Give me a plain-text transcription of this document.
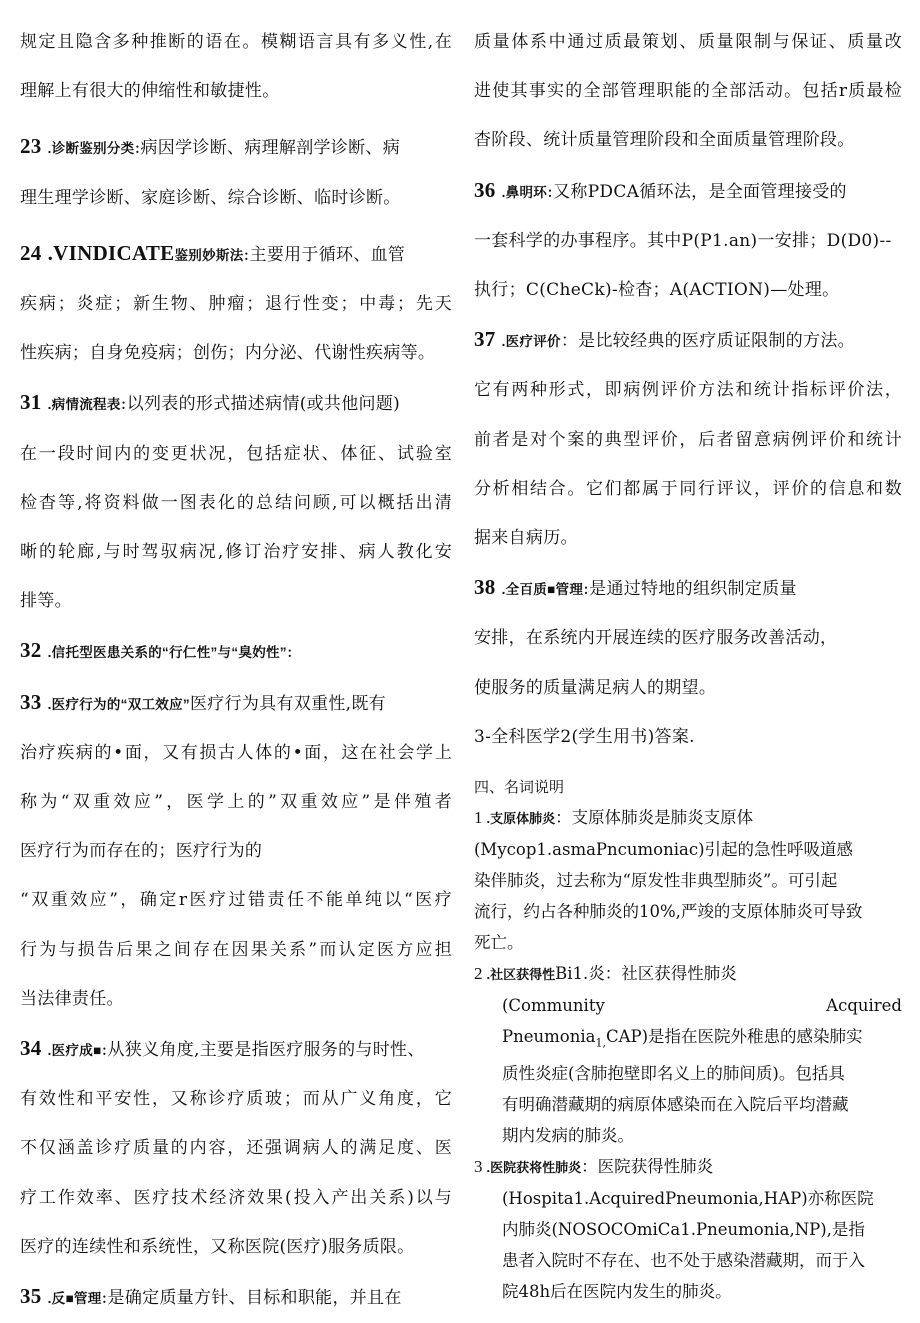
规定且隐含多种推断的语在。模糊语言具有多义性,在
理解上有很大的伸缩性和敏捷性。
23 .诊断鉴别分类:病因学诊断、病理解剖学诊断、病
理生理学诊断、家庭诊断、综合诊断、临时诊断。
24 .VINDICATE鉴别妙斯法:主要用于循环、血管
疾病；炎症；新生物、肿瘤；退行性变；中毒；先天
性疾病；自身免疫病；创伤；内分泌、代谢性疾病等。
31 .病情流程表:以列表的形式描述病情(或共他问题)
在一段时间内的变更状况，包括症状、体征、试验室
检杳等,将资料做一图表化的总结问顾,可以概括出清
晰的轮廊,与时驾驭病况,修订治疗安排、病人教化安
排等。
32 .信托型医患关系的“行仁性”与“臭妁性”:
33 .医疗行为的“双工效应”医疗行为具有双重性,既有
治疗疾病的•面，又有损古人体的•面，这在社会学上
称为“双重效应”，医学上的”双重效应”是伴殖者
医疗行为而存在的；医疗行为的
“双重效应”，确定r医疗过错责任不能单纯以“医疗
行为与损告后果之间存在因果关系”而认定医方应担
当法律责任。
34 .医疗成■:从狭义角度,主要是指医疗服务的与时性、
有效性和平安性，又称诊疗质玻；而从广义角度，它
不仅涵盖诊疗质量的内容，还强调病人的满足度、医
疗工作效率、医疗技术经济效果(投入产出关系)以与
医疗的连续性和系统性，又称医院(医疗)服务质限。
35 .反■管理:是确定质量方针、目标和职能，并且在
质量体系中通过质最策划、质量限制与保证、质量改
进使其事实的全部管理职能的全部活动。包括r质最检
杳阶段、统计质量管理阶段和全面质量管理阶段。
36 .鼻明环:又称PDCA循环法，是全面管理接受的
一套科学的办事程序。其中P(P1.an)一安排；D(D0)--
执行；C(CheCk)-检杳；A(ACTION)—处理。
37 .医疗评价：是比较经典的医疗质证限制的方法。
它有两种形式，即病例评价方法和统计指标评价法，
前者是对个案的典型评价，后者留意病例评价和统计
分析相结合。它们都属于同行评议，评价的信息和数
据来自病历。
38 .全百质■管理:是通过特地的组织制定质量
安排，在系统内开展连续的医疗服务改善活动，
使服务的质量满足病人的期望。
3-全科医学2(学生用书)答案.
四、名词说明
1 .支原体肺炎：支原体肺炎是肺炎支原体
(Mycop1.asmaPncumoniac)引起的急性呼吸道感
染伴肺炎，过去称为“原发性非典型肺炎”。可引起
流行，约占各种肺炎的10%,严竣的支原体肺炎可导致
死亡。
2 .社区获得性Bi1.炎：社区获得性肺炎
(Community	Acquired
Pneumonia$_{1,}$CAP)是指在医院外稚患的感染肺实
质性炎症(含肺抱壁即名义上的肺间质)。包括具
有明确潜藏期的病原体感染而在入院后平均潜藏
期内发病的肺炎。
3 .医院获将性肺炎：医院获得性肺炎
(Hospita1.AcquiredPneumonia,HAP)亦称医院
内肺炎(NOSOCOmiCa1.Pneumonia,NP),是指
患者入院时不存在、也不处于感染潜藏期，而于入
院48h后在医院内发生的肺炎。
